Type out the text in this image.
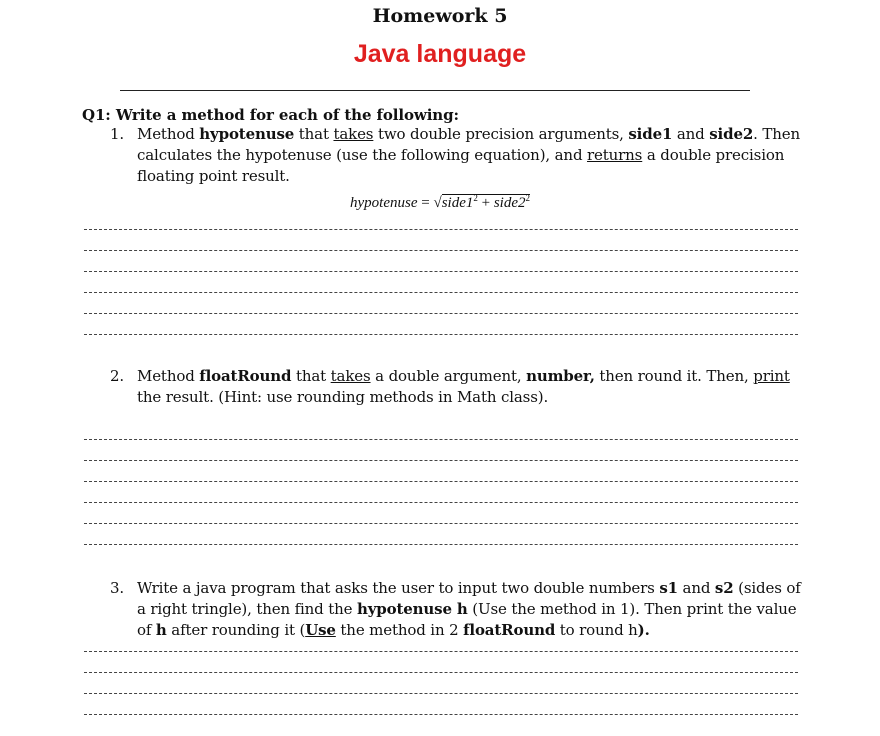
Homework 5
Java language
Q1: Write a method for each of the following:
1. Method hypotenuse that takes two double precision arguments, side1 and side2. Then calculates the hypotenuse (use the following equation), and returns a double precision floating point result.
hypotenuse = $√side1^2$ + $side2^2$
2. Method floatRound that takes a double argument, number, then round it. Then, print the result. (Hint: use rounding methods in Math class).
3. Write a java program that asks the user to input two double numbers s1 and s2 (sides of a right tringle), then find the hypotenuse h (Use the method in 1). Then print the value of h after rounding it (Use the method in 2 floatRound to round h).
